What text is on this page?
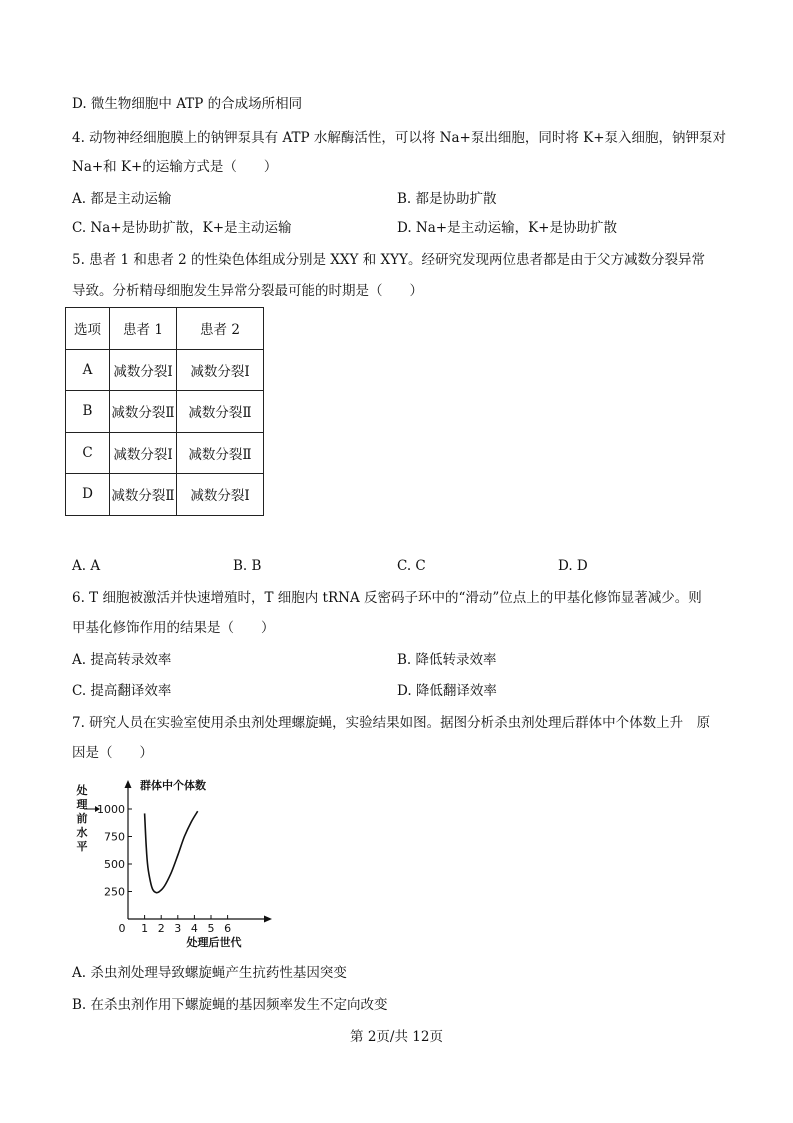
D. 微生物细胞中 ATP 的合成场所相同
4. 动物神经细胞膜上的钠钾泵具有 ATP 水解酶活性，可以将 Na+泵出细胞，同时将 K+泵入细胞，钠钾泵对
Na+和 K+的运输方式是（　　）
A. 都是主动运输	B. 都是协助扩散
C. Na+是协助扩散，K+是主动运输	D. Na+是主动运输，K+是协助扩散
5. 患者 1 和患者 2 的性染色体组成分别是 XXY 和 XYY。经研究发现两位患者都是由于父方减数分裂异常
导致。分析精母细胞发生异常分裂最可能的时期是（　　）
选项	患者 1	患者 2
A	减数分裂Ⅰ	减数分裂Ⅰ
B	减数分裂Ⅱ	减数分裂Ⅱ
C	减数分裂Ⅰ	减数分裂Ⅱ
D	减数分裂Ⅱ	减数分裂Ⅰ
A. A	B. B	C. C	D. D
6. T 细胞被激活并快速增殖时，T 细胞内 tRNA 反密码子环中的“滑动”位点上的甲基化修饰显著减少。则
甲基化修饰作用的结果是（　　）
A. 提高转录效率	B. 降低转录效率
C. 提高翻译效率	D. 降低翻译效率
7. 研究人员在实验室使用杀虫剂处理螺旋蝇，实验结果如图。据图分析杀虫剂处理后群体中个体数上升　原
因是（　　）
0 1 2 3 4 5 6
250
500
750
1000
群体中个体数
处理后世代
处
理
前
水
平
A. 杀虫剂处理导致螺旋蝇产生抗药性基因突变
B. 在杀虫剂作用下螺旋蝇的基因频率发生不定向改变
第 2页/共 12页
